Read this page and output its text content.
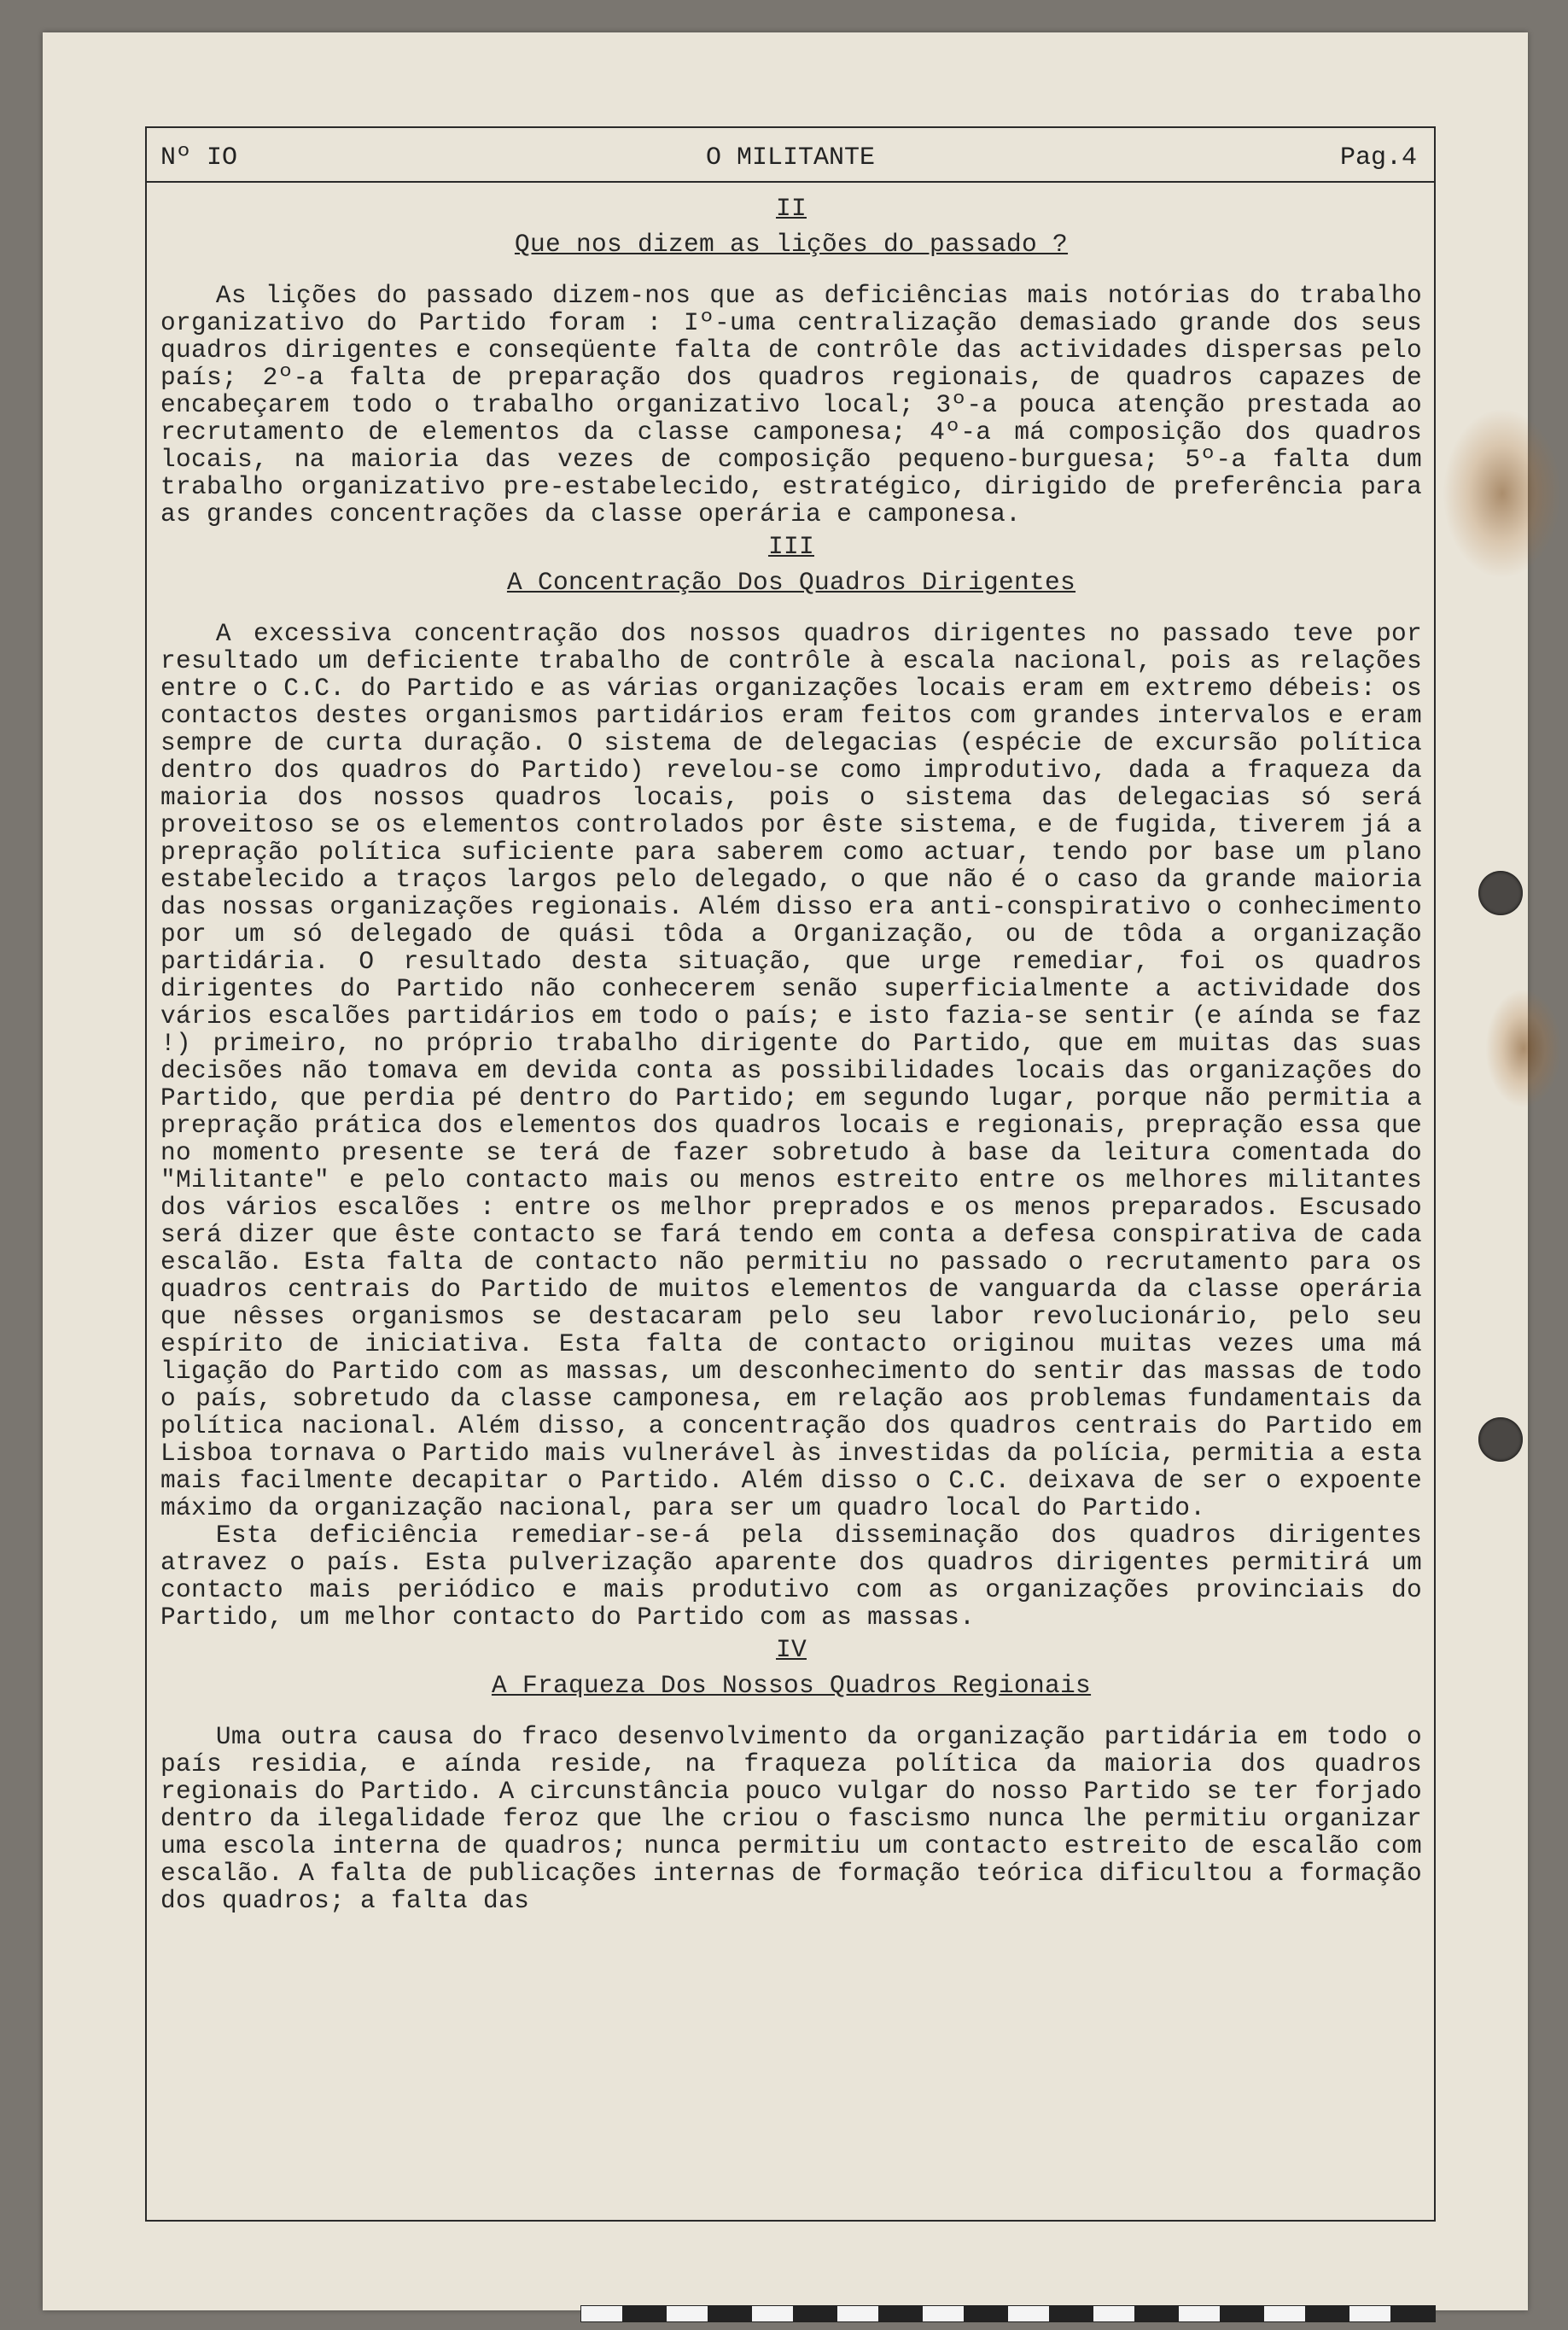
Nº IO	O MILITANTE	Pag.4
II
Que nos dizem as lições do passado ?

As lições do passado dizem-nos que as deficiências mais notórias do trabalho organizativo do Partido foram : Iº-uma centralização demasiado grande dos seus quadros dirigentes e conseqüente falta de contrôle das actividades dispersas pelo país; 2º-a falta de preparação dos quadros regionais, de quadros capazes de encabeçarem todo o trabalho organizativo local; 3º-a pouca atenção prestada ao recrutamento de elementos da classe camponesa; 4º-a má composição dos quadros locais, na maioria das vezes de composição pequeno-burguesa; 5º-a falta dum trabalho organizativo pre-estabelecido, estratégico, dirigido de preferência para as grandes concentrações da classe operária e camponesa.

III
A Concentração Dos Quadros Dirigentes

A excessiva concentração dos nossos quadros dirigentes no passado teve por resultado um deficiente trabalho de contrôle à escala nacional, pois as relações entre o C.C. do Partido e as várias organizações locais eram em extremo débeis: os contactos destes organismos partidários eram feitos com grandes intervalos e eram sempre de curta duração. O sistema de delegacias (espécie de excursão política dentro dos quadros do Partido) revelou-se como improdutivo, dada a fraqueza da maioria dos nossos quadros locais, pois o sistema das delegacias só será proveitoso se os elementos controlados por êste sistema, e de fugida, tiverem já a prepração política suficiente para saberem como actuar, tendo por base um plano estabelecido a traços largos pelo delegado, o que não é o caso da grande maioria das nossas organizações regionais. Além disso era anti-conspirativo o conhecimento por um só delegado de quási tôda a Organização, ou de tôda a organização partidária. O resultado desta situação, que urge remediar, foi os quadros dirigentes do Partido não conhecerem senão superficialmente a actividade dos vários escalões partidários em todo o país; e isto fazia-se sentir (e aínda se faz !) primeiro, no próprio trabalho dirigente do Partido, que em muitas das suas decisões não tomava em devida conta as possibilidades locais das organizações do Partido, que perdia pé dentro do Partido; em segundo lugar, porque não permitia a prepração prática dos elementos dos quadros locais e regionais, prepração essa que no momento presente se terá de fazer sobretudo à base da leitura comentada do "Militante" e pelo contacto mais ou menos estreito entre os melhores militantes dos vários escalões : entre os melhor preprados e os menos preparados. Escusado será dizer que êste contacto se fará tendo em conta a defesa conspirativa de cada escalão. Esta falta de contacto não permitiu no passado o recrutamento para os quadros centrais do Partido de muitos elementos de vanguarda da classe operária que nêsses organismos se destacaram pelo seu labor revolucionário, pelo seu espírito de iniciativa. Esta falta de contacto originou muitas vezes uma má ligação do Partido com as massas, um desconhecimento do sentir das massas de todo o país, sobretudo da classe camponesa, em relação aos problemas fundamentais da política nacional. Além disso, a concentração dos quadros centrais do Partido em Lisboa tornava o Partido mais vulnerável às investidas da polícia, permitia a esta mais facilmente decapitar o Partido. Além disso o C.C. deixava de ser o expoente máximo da organização nacional, para ser um quadro local do Partido.

Esta deficiência remediar-se-á pela disseminação dos quadros dirigentes atravez o país. Esta pulverização aparente dos quadros dirigentes permitirá um contacto mais periódico e mais produtivo com as organizações provinciais do Partido, um melhor contacto do Partido com as massas.

IV
A Fraqueza Dos Nossos Quadros Regionais

Uma outra causa do fraco desenvolvimento da organização partidária em todo o país residia, e aínda reside, na fraqueza política da maioria dos quadros regionais do Partido. A circunstância pouco vulgar do nosso Partido se ter forjado dentro da ilegalidade feroz que lhe criou o fascismo nunca lhe permitiu organizar uma escola interna de quadros; nunca permitiu um contacto estreito de escalão com escalão. A falta de publicações internas de formação teórica dificultou a formação dos quadros; a falta das
